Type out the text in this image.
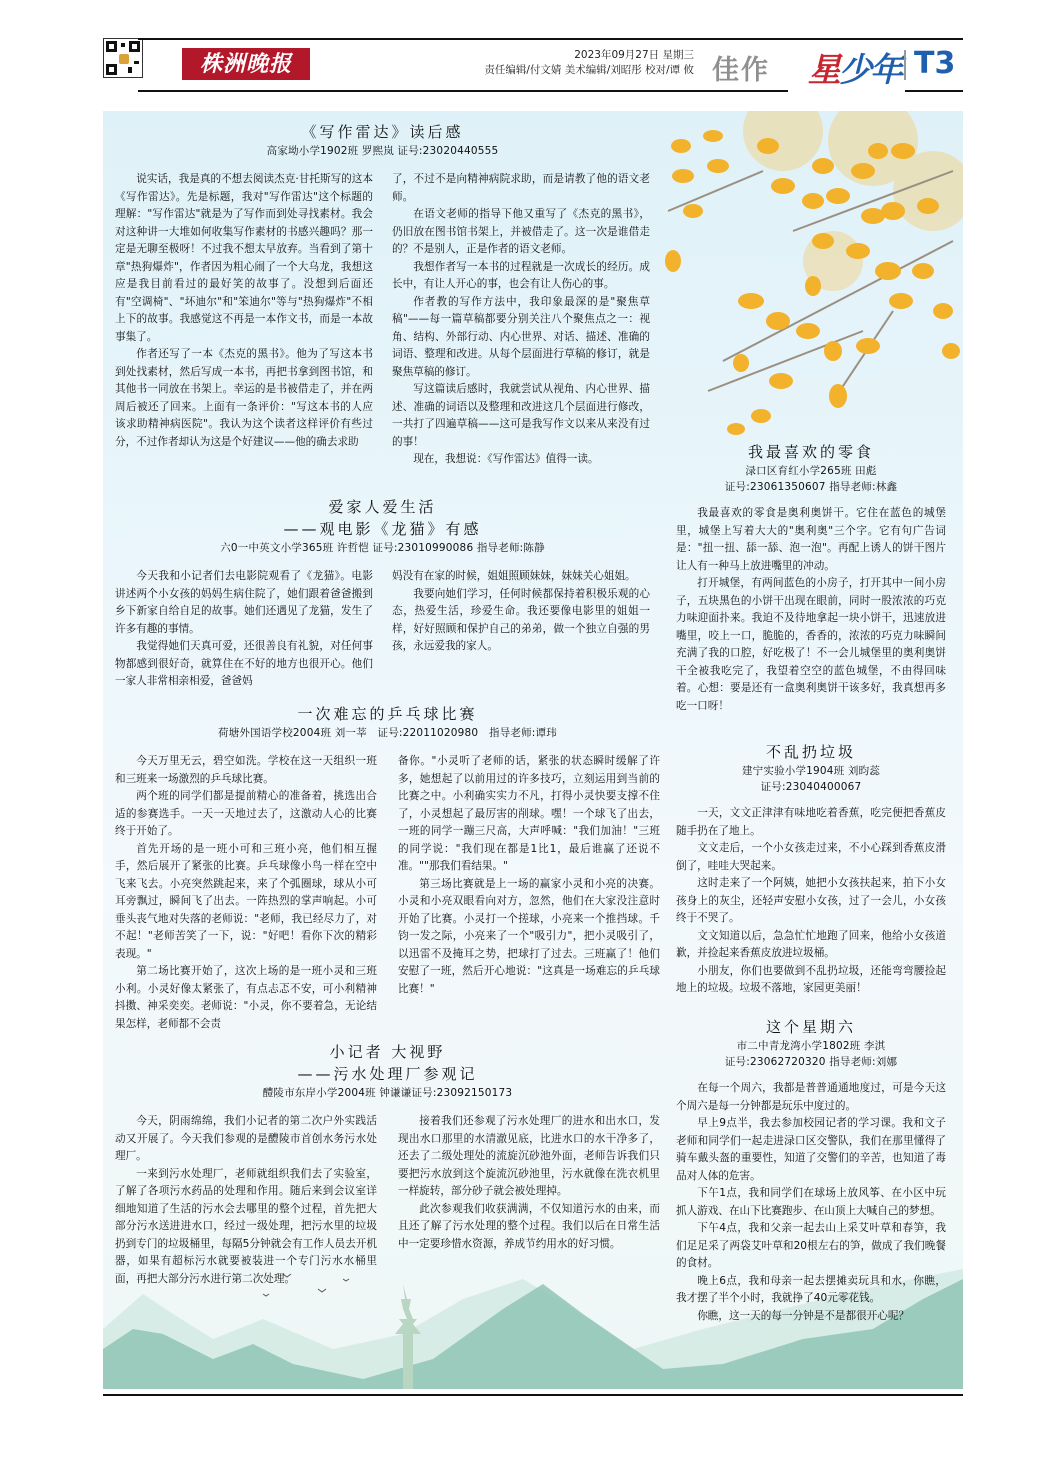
株洲晚报	2023年09月27日 星期三
责任编辑/付文婧 美术编辑/刘昭彤 校对/谭 攸 佳作 星少年 T3
《写作雷达》读后感
高家坳小学1902班 罗熙岚 证号:23020440555

说实话，我是真的不想去阅读杰克·甘托斯写的这本《写作雷达》。先是标题，我对"写作雷达"这个标题的理解："写作雷达"就是为了写作而到处寻找素材。我会对这种讲一大堆如何收集写作素材的书感兴趣吗？那一定是无聊至极呀！不过我不想太早放弃。当看到了第十章"热狗爆炸"，作者因为粗心闹了一个大乌龙，我想这应是我目前看过的最好笑的故事了。没想到后面还有"空调椅"、"坏迪尔"和"笨迪尔"等与"热狗爆炸"不相上下的故事。我感觉这不再是一本作文书，而是一本故事集了。

作者还写了一本《杰克的黑书》。他为了写这本书到处找素材，然后写成一本书，再把书拿到图书馆，和其他书一同放在书架上。幸运的是书被借走了，并在两周后被还了回来。上面有一条评价："写这本书的人应该求助精神病医院"。我认为这个读者这样评价有些过分，不过作者却认为这是个好建议——他的确去求助

了，不过不是向精神病院求助，而是请教了他的语文老师。

在语文老师的指导下他又重写了《杰克的黑书》，仍旧放在图书馆书架上，并被借走了。这一次是谁借走的？不是别人，正是作者的语文老师。

我想作者写一本书的过程就是一次成长的经历。成长中，有让人开心的事，也会有让人伤心的事。

作者教的写作方法中，我印象最深的是"聚焦草稿"——每一篇草稿都要分别关注八个聚焦点之一：视角、结构、外部行动、内心世界、对话、描述、准确的词语、整理和改进。从每个层面进行草稿的修订，就是聚焦草稿的修订。

写这篇读后感时，我就尝试从视角、内心世界、描述、准确的词语以及整理和改进这几个层面进行修改，一共打了四遍草稿——这可是我写作文以来从来没有过的事！

现在，我想说：《写作雷达》值得一读。

爱家人爱生活
——观电影《龙猫》有感
六0一中英文小学365班 许哲恺 证号:23010990086 指导老师:陈静

今天我和小记者们去电影院观看了《龙猫》。电影讲述两个小女孩的妈妈生病住院了，她们跟着爸爸搬到乡下新家自给自足的故事。她们还遇见了龙猫，发生了许多有趣的事情。

我觉得她们天真可爱，还很善良有礼貌，对任何事物都感到很好奇，就算住在不好的地方也很开心。他们一家人非常相亲相爱，爸爸妈

妈没有在家的时候，姐姐照顾妹妹，妹妹关心姐姐。

我要向她们学习，任何时候都保持着积极乐观的心态，热爱生活，珍爱生命。我还要像电影里的姐姐一样，好好照顾和保护自己的弟弟，做一个独立自强的男孩，永远爱我的家人。

一次难忘的乒乓球比赛
荷塘外国语学校2004班 刘一莘　证号:22011020980　指导老师:谭玮

今天万里无云，碧空如洗。学校在这一天组织一班和三班来一场激烈的乒乓球比赛。

两个班的同学们都是提前精心的准备着，挑选出合适的参赛选手。一天一天地过去了，这激动人心的比赛终于开始了。

首先开场的是一班小可和三班小亮，他们相互握手，然后展开了紧张的比赛。乒乓球像小鸟一样在空中飞来飞去。小亮突然跳起来，来了个弧圈球，球从小可耳旁飘过，瞬间飞了出去。一阵热烈的掌声响起。小可垂头丧气地对失落的老师说："老师，我已经尽力了，对不起！"老师苦笑了一下，说："好吧！看你下次的精彩表现。"

第二场比赛开始了，这次上场的是一班小灵和三班小利。小灵好像太紧张了，有点忐忑不安，可小利精神抖擞、神采奕奕。老师说："小灵，你不要着急，无论结果怎样，老师都不会责

备你。"小灵听了老师的话，紧张的状态瞬时缓解了许多，她想起了以前用过的许多技巧，立刻运用到当前的比赛之中。小利确实实力不凡，打得小灵快要支撑不住了，小灵想起了最厉害的削球。嘿！一个球飞了出去，一班的同学一蹦三尺高，大声呼喊："我们加油！"三班的同学说："我们现在都是1比1，最后谁赢了还说不准。""那我们看结果。"

第三场比赛就是上一场的赢家小灵和小亮的决赛。小灵和小亮双眼看向对方，忽然，他们在大家没注意时开始了比赛。小灵打一个搓球，小亮来一个推挡球。千钧一发之际，小亮来了一个"吸引力"，把小灵吸引了，以迅雷不及掩耳之势，把球打了过去。三班赢了！他们安慰了一班，然后开心地说："这真是一场难忘的乒乓球比赛！"

小记者 大视野
——污水处理厂参观记
醴陵市东岸小学2004班 钟谦谦证号:23092150173

今天，阴雨绵绵，我们小记者的第二次户外实践活动又开展了。今天我们参观的是醴陵市首创水务污水处理厂。

一来到污水处理厂，老师就组织我们去了实验室，了解了各项污水药品的处理和作用。随后来到会议室详细地知道了生活的污水会去哪里的整个过程，首先把大部分污水送进进水口，经过一级处理，把污水里的垃圾扔到专门的垃圾桶里，每隔5分钟就会有工作人员去开机器，如果有超标污水就要被装进一个专门污水水桶里面，再把大部分污水进行第二次处理。

接着我们还参观了污水处理厂的进水和出水口，发现出水口那里的水清澈见底，比进水口的水干净多了，还去了二级处理处的流旋沉砂池外面，老师告诉我们只要把污水放到这个旋流沉砂池里，污水就像在洗衣机里一样旋转，部分砂子就会被处理掉。

此次参观我们收获满满，不仅知道污水的由来，而且还了解了污水处理的整个过程。我们以后在日常生活中一定要珍惜水资源，养成节约用水的好习惯。

我最喜欢的零食
渌口区育红小学265班 田彪
证号:23061350607 指导老师:林鑫

我最喜欢的零食是奥利奥饼干。它住在蓝色的城堡里，城堡上写着大大的"奥利奥"三个字。它有句广告词是："扭一扭、舔一舔、泡一泡"。再配上诱人的饼干图片让人有一种马上放进嘴里的冲动。

打开城堡，有两间蓝色的小房子，打开其中一间小房子，五块黑色的小饼干出现在眼前，同时一股浓浓的巧克力味迎面扑来。我迫不及待地拿起一块小饼干，迅速放进嘴里，咬上一口，脆脆的，香香的，浓浓的巧克力味瞬间充满了我的口腔，好吃极了！不一会儿城堡里的奥利奥饼干全被我吃完了，我望着空空的蓝色城堡，不由得回味着。心想：要是还有一盒奥利奥饼干该多好，我真想再多吃一口呀！

不乱扔垃圾
建宁实验小学1904班 刘昀蕊
证号:23040400067

一天，文文正津津有味地吃着香蕉，吃完便把香蕉皮随手扔在了地上。

文文走后，一个小女孩走过来，不小心踩到香蕉皮滑倒了，哇哇大哭起来。

这时走来了一个阿姨，她把小女孩扶起来，拍下小女孩身上的灰尘，还轻声安慰小女孩，过了一会儿，小女孩终于不哭了。

文文知道以后，急急忙忙地跑了回来，他给小女孩道歉，并捡起来香蕉皮放进垃圾桶。

小朋友，你们也要做到不乱扔垃圾，还能弯弯腰捡起地上的垃圾。垃圾不落地，家园更美丽！

这个星期六
市二中青龙湾小学1802班 李淇
证号:23062720320 指导老师:刘娜

在每一个周六，我都是普普通通地度过，可是今天这个周六是每一分钟都是玩乐中度过的。

早上9点半，我去参加校园记者的学习课。我和文子老师和同学们一起走进渌口区交警队，我们在那里懂得了骑车戴头盔的重要性，知道了交警们的辛苦，也知道了毒品对人体的危害。

下午1点，我和同学们在球场上放风筝、在小区中玩抓人游戏、在山下比赛跑步、在山顶上大喊自己的梦想。

下午4点，我和父亲一起去山上采艾叶草和春笋，我们足足采了两袋艾叶草和20根左右的笋，做成了我们晚餐的食材。

晚上6点，我和母亲一起去摆摊卖玩具和水，你瞧，我才摆了半个小时，我就挣了40元零花钱。

你瞧，这一天的每一分钟是不是都很开心呢？
